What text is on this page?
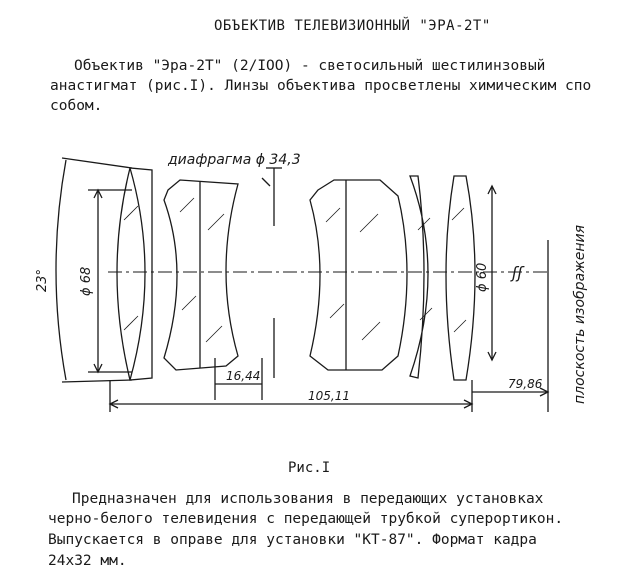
ОБЪЕКТИВ ТЕЛЕВИЗИОННЫЙ "ЭРА-2Т"
Объектив "Эра-2Т" (2/IOO) - светосильный шестилинзовый
анастигмат (рис.I). Линзы объектива просветлены химическим спо
собом.
диафрагма ϕ 34,3
23° ϕ 68	ϕ 60
16,44
105,11
79,86
ʃʃ	плоскость изображения
Рис.I
Предназначен для использования в передающих установках
черно-белого телевидения с передающей трубкой суперортикон.
Выпускается в оправе для установки "КТ-87". Формат кадра
24х32 мм.
